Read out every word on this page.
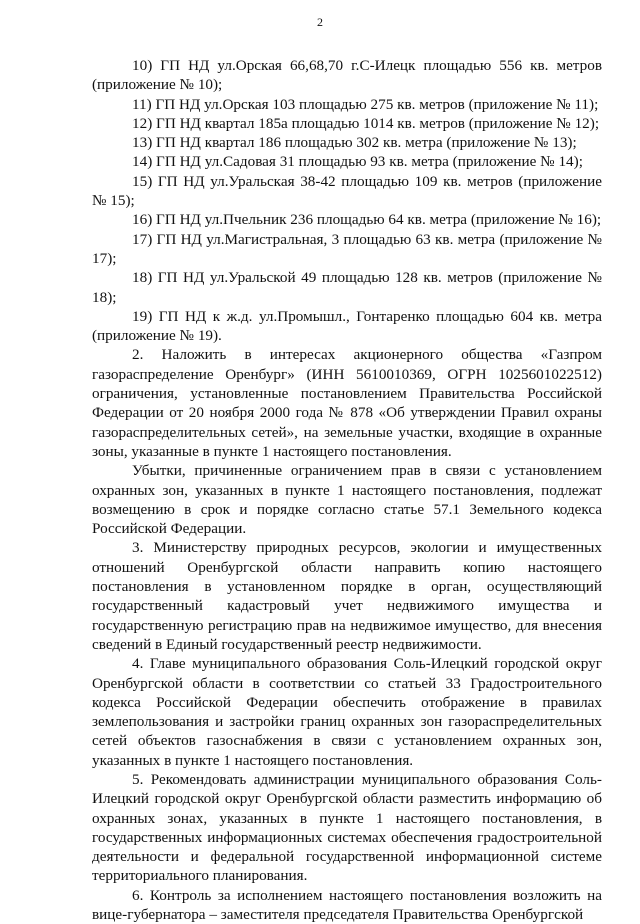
2

10) ГП НД ул.Орская 66,68,70 г.С-Илецк площадью 556 кв. метров (приложение № 10);

11) ГП НД ул.Орская 103 площадью 275 кв. метров (приложение № 11);

12) ГП НД квартал 185а площадью 1014 кв. метров (приложение № 12);

13) ГП НД квартал 186 площадью 302 кв. метра (приложение № 13);

14) ГП НД ул.Садовая 31 площадью 93 кв. метра (приложение № 14);

15) ГП НД ул.Уральская 38-42 площадью 109 кв. метров (приложение № 15);

16) ГП НД ул.Пчельник 236 площадью 64 кв. метра (приложение № 16);

17) ГП НД ул.Магистральная, 3 площадью 63 кв. метра (приложение № 17);

18) ГП НД ул.Уральской 49 площадью 128 кв. метров (приложение № 18);

19) ГП НД к ж.д. ул.Промышл., Гонтаренко площадью 604 кв. метра (приложение № 19).

2. Наложить в интересах акционерного общества «Газпром газораспределение Оренбург» (ИНН 5610010369, ОГРН 1025601022512) ограничения, установленные постановлением Правительства Российской Федерации от 20 ноября 2000 года № 878 «Об утверждении Правил охраны газораспределительных сетей», на земельные участки, входящие в охранные зоны, указанные в пункте 1 настоящего постановления.

Убытки, причиненные ограничением прав в связи с установлением охранных зон, указанных в пункте 1 настоящего постановления, подлежат возмещению в срок и порядке согласно статье 57.1 Земельного кодекса Российской Федерации.

3. Министерству природных ресурсов, экологии и имущественных отношений Оренбургской области направить копию настоящего постановления в установленном порядке в орган, осуществляющий государственный кадастровый учет недвижимого имущества и государственную регистрацию прав на недвижимое имущество, для внесения сведений в Единый государственный реестр недвижимости.

4. Главе муниципального образования Соль-Илецкий городской округ Оренбургской области в соответствии со статьей 33 Градостроительного кодекса Российской Федерации обеспечить отображение в правилах землепользования и застройки границ охранных зон газораспределительных сетей объектов газоснабжения в связи с установлением охранных зон, указанных в пункте 1 настоящего постановления.

5. Рекомендовать администрации муниципального образования Соль-Илецкий городской округ Оренбургской области разместить информацию об охранных зонах, указанных в пункте 1 настоящего постановления, в государственных информационных системах обеспечения градостроительной деятельности и федеральной государственной информационной системе территориального планирования.

6. Контроль за исполнением настоящего постановления возложить на вице-губернатора – заместителя председателя Правительства Оренбургской
